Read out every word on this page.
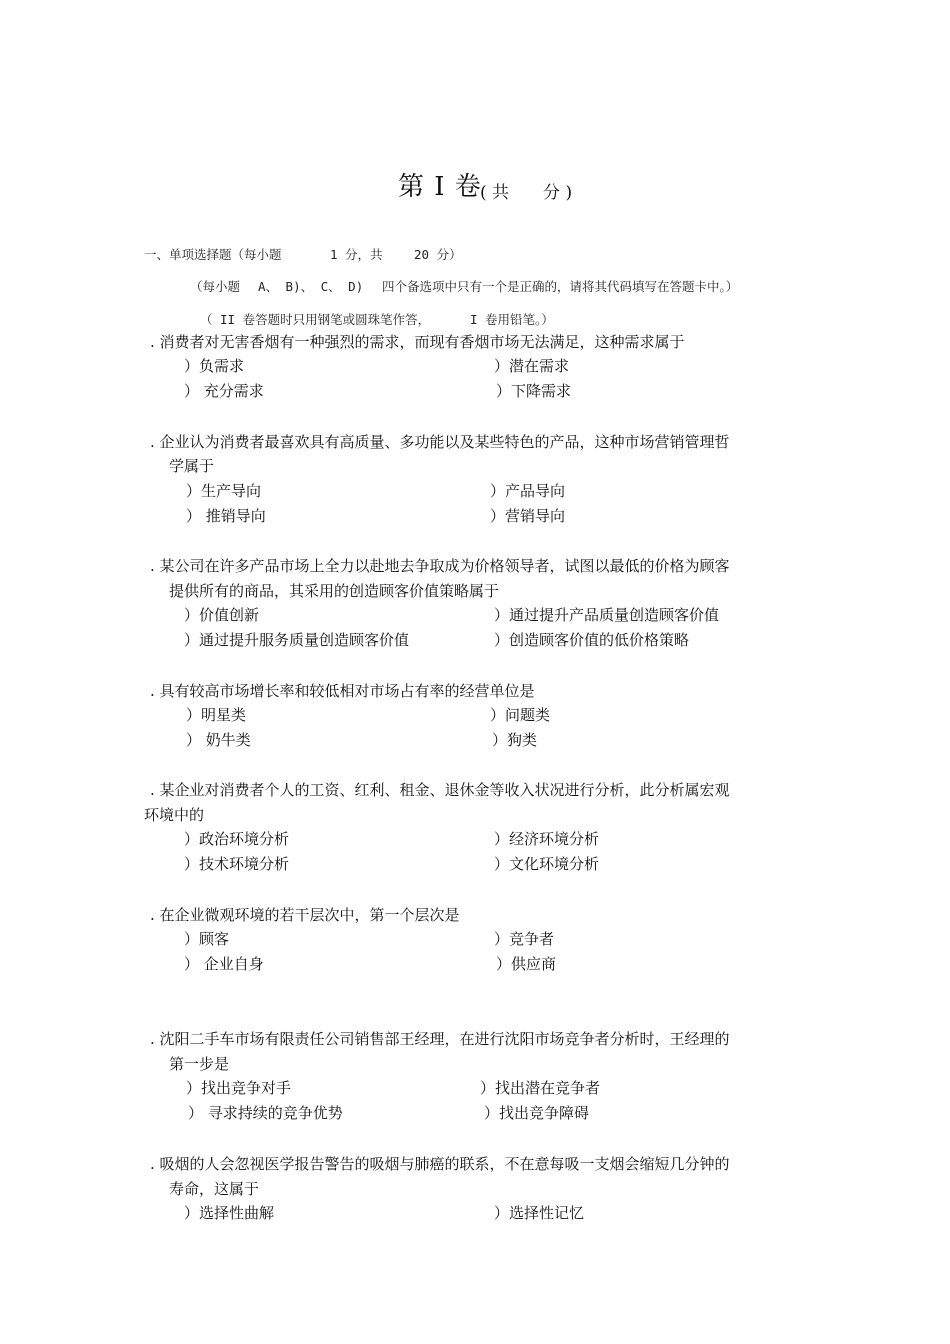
第 I 卷
( 共　　分 )
一、单项选择题（每小题	1 分，共	20 分）
（每小题 A、 B)、 C、 D) 四个备选项中只有一个是正确的，请将其代码填写在答题卡中。）
（ II 卷答题时只用钢笔或圆珠笔作答，	I 卷用铅笔。）
. 消费者对无害香烟有一种强烈的需求，而现有香烟市场无法满足，这种需求属于
）负需求	）潜在需求
） 充分需求	）下降需求
. 企业认为消费者最喜欢具有高质量、多功能以及某些特色的产品，这种市场营销管理哲
学属于
）生产导向	）产品导向
） 推销导向	）营销导向
. 某公司在许多产品市场上全力以赴地去争取成为价格领导者，试图以最低的价格为顾客
提供所有的商品，其采用的创造顾客价值策略属于
）价值创新	）通过提升产品质量创造顾客价值
）通过提升服务质量创造顾客价值	）创造顾客价值的低价格策略
. 具有较高市场增长率和较低相对市场占有率的经营单位是
）明星类	）问题类
） 奶牛类	）狗类
. 某企业对消费者个人的工资、红利、租金、退休金等收入状况进行分析，此分析属宏观
环境中的
）政治环境分析	）经济环境分析
）技术环境分析	）文化环境分析
. 在企业微观环境的若干层次中，第一个层次是
）顾客	）竞争者
） 企业自身	）供应商
. 沈阳二手车市场有限责任公司销售部王经理，在进行沈阳市场竞争者分析时，王经理的
第一步是
）找出竞争对手	）找出潜在竞争者
） 寻求持续的竞争优势	）找出竞争障碍
. 吸烟的人会忽视医学报告警告的吸烟与肺癌的联系，不在意每吸一支烟会缩短几分钟的
寿命，这属于
）选择性曲解	）选择性记忆
